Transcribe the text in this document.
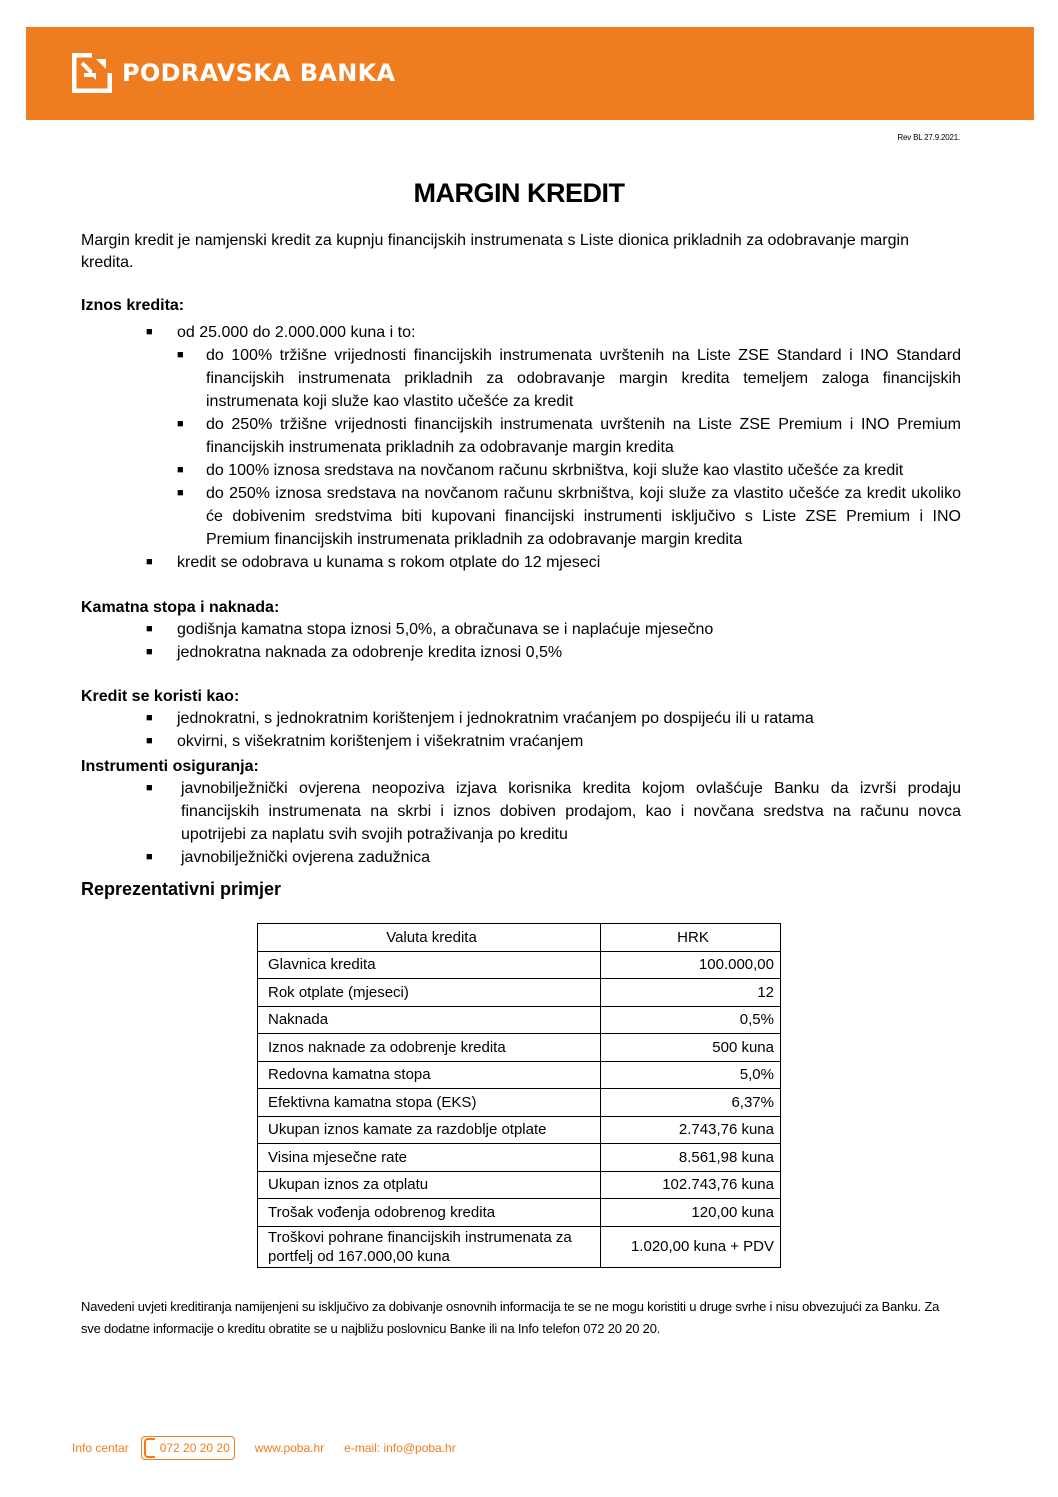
PODRAVSKA BANKA
Rev BL 27.9.2021.
MARGIN KREDIT

Margin kredit je namjenski kredit za kupnju financijskih instrumenata s Liste dionica prikladnih za odobravanje margin kredita.

Iznos kredita:

■ od 25.000 do 2.000.000 kuna i to:
■ do 100% tržišne vrijednosti financijskih instrumenata uvrštenih na Liste ZSE Standard i INO Standard financijskih instrumenata prikladnih za odobravanje margin kredita temeljem zaloga financijskih instrumenata koji služe kao vlastito učešće za kredit
■ do 250% tržišne vrijednosti financijskih instrumenata uvrštenih na Liste ZSE Premium i INO Premium financijskih instrumenata prikladnih za odobravanje margin kredita
■ do 100% iznosa sredstava na novčanom računu skrbništva, koji služe kao vlastito učešće za kredit
■ do 250% iznosa sredstava na novčanom računu skrbništva, koji služe za vlastito učešće za kredit ukoliko će dobivenim sredstvima biti kupovani financijski instrumenti isključivo s Liste ZSE Premium i INO Premium financijskih instrumenata prikladnih za odobravanje margin kredita
■ kredit se odobrava u kunama s rokom otplate do 12 mjeseci

Kamatna stopa i naknada:

■ godišnja kamatna stopa iznosi 5,0%, a obračunava se i naplaćuje mjesečno
■ jednokratna naknada za odobrenje kredita iznosi 0,5%

Kredit se koristi kao:

■ jednokratni, s jednokratnim korištenjem i jednokratnim vraćanjem po dospijeću ili u ratama
■ okvirni, s višekratnim korištenjem i višekratnim vraćanjem

Instrumenti osiguranja:

■ javnobilježnički ovjerena neopoziva izjava korisnika kredita kojom ovlašćuje Banku da izvrši prodaju financijskih instrumenata na skrbi i iznos dobiven prodajom, kao i novčana sredstva na računu novca upotrijebi za naplatu svih svojih potraživanja po kreditu
■ javnobilježnički ovjerena zadužnica

Reprezentativni primjer

Valuta kredita	HRK
Glavnica kredita	100.000,00
Rok otplate (mjeseci)	12
Naknada	0,5%
Iznos naknade za odobrenje kredita	500 kuna
Redovna kamatna stopa	5,0%
Efektivna kamatna stopa (EKS)	6,37%
Ukupan iznos kamate za razdoblje otplate	2.743,76 kuna
Visina mjesečne rate	8.561,98 kuna
Ukupan iznos za otplatu	102.743,76 kuna
Trošak vođenja odobrenog kredita	120,00 kuna
Troškovi pohrane financijskih instrumenata za portfelj od 167.000,00 kuna	1.020,00 kuna + PDV
Navedeni uvjeti kreditiranja namijenjeni su isključivo za dobivanje osnovnih informacija te se ne mogu koristiti u druge svrhe i nisu obvezujući za Banku. Za sve dodatne informacije o kreditu obratite se u najbližu poslovnicu Banke ili na Info telefon 072 20 20 20.
Info centar	072 20 20 20 www.poba.hr e-mail: info@poba.hr
